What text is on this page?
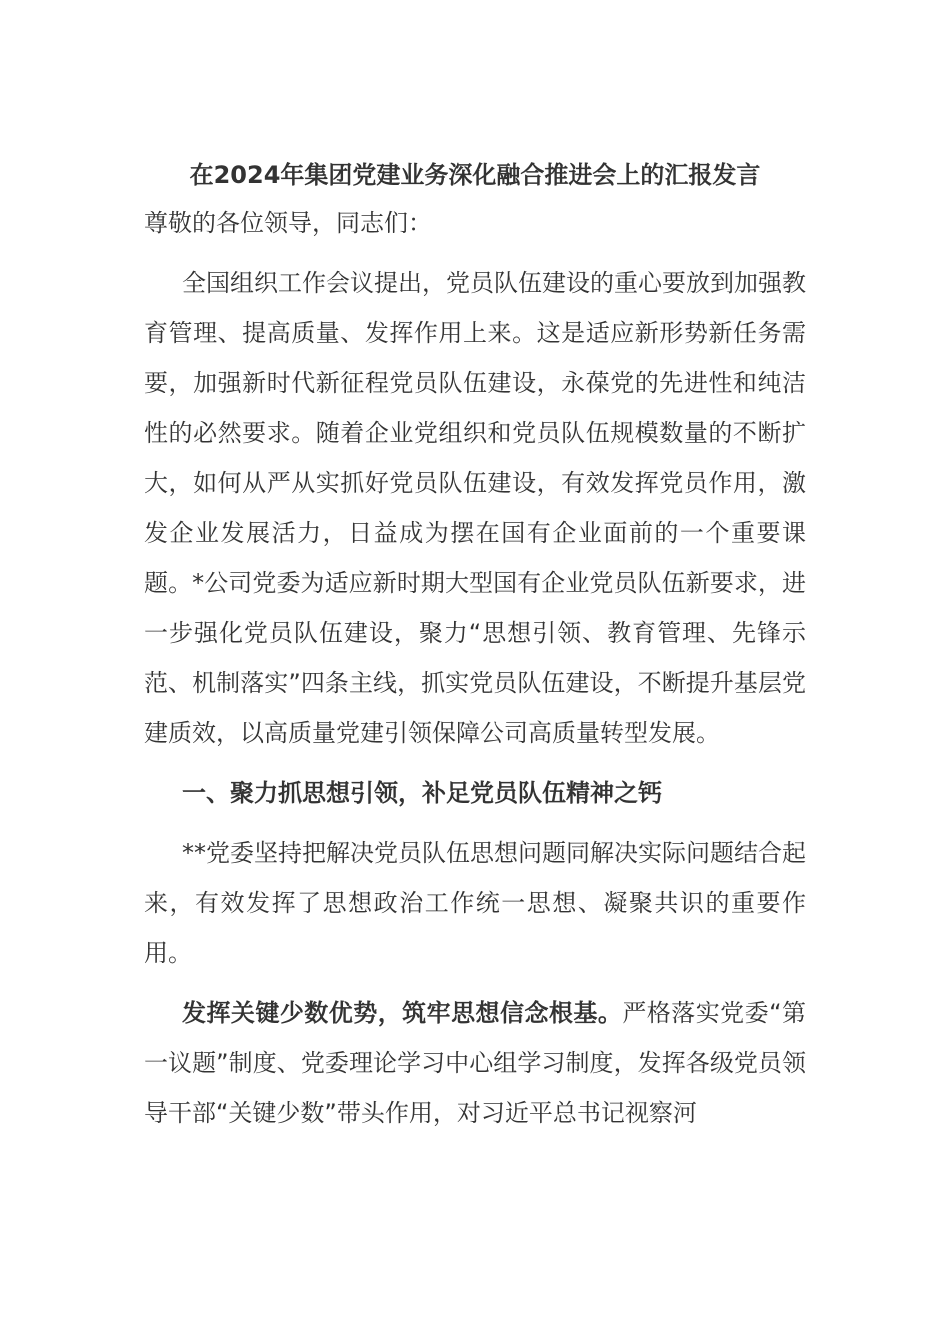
在2024年集团党建业务深化融合推进会上的汇报发言

尊敬的各位领导，同志们：

全国组织工作会议提出，党员队伍建设的重心要放到加强教育管理、提高质量、发挥作用上来。这是适应新形势新任务需要，加强新时代新征程党员队伍建设，永葆党的先进性和纯洁性的必然要求。随着企业党组织和党员队伍规模数量的不断扩大，如何从严从实抓好党员队伍建设，有效发挥党员作用，激发企业发展活力，日益成为摆在国有企业面前的一个重要课题。*公司党委为适应新时期大型国有企业党员队伍新要求，进一步强化党员队伍建设，聚力“思想引领、教育管理、先锋示范、机制落实”四条主线，抓实党员队伍建设，不断提升基层党建质效，以高质量党建引领保障公司高质量转型发展。

一、聚力抓思想引领，补足党员队伍精神之钙

**党委坚持把解决党员队伍思想问题同解决实际问题结合起来，有效发挥了思想政治工作统一思想、凝聚共识的重要作用。

发挥关键少数优势，筑牢思想信念根基。严格落实党委“第一议题”制度、党委理论学习中心组学习制度，发挥各级党员领导干部“关键少数”带头作用，对习近平总书记视察河
